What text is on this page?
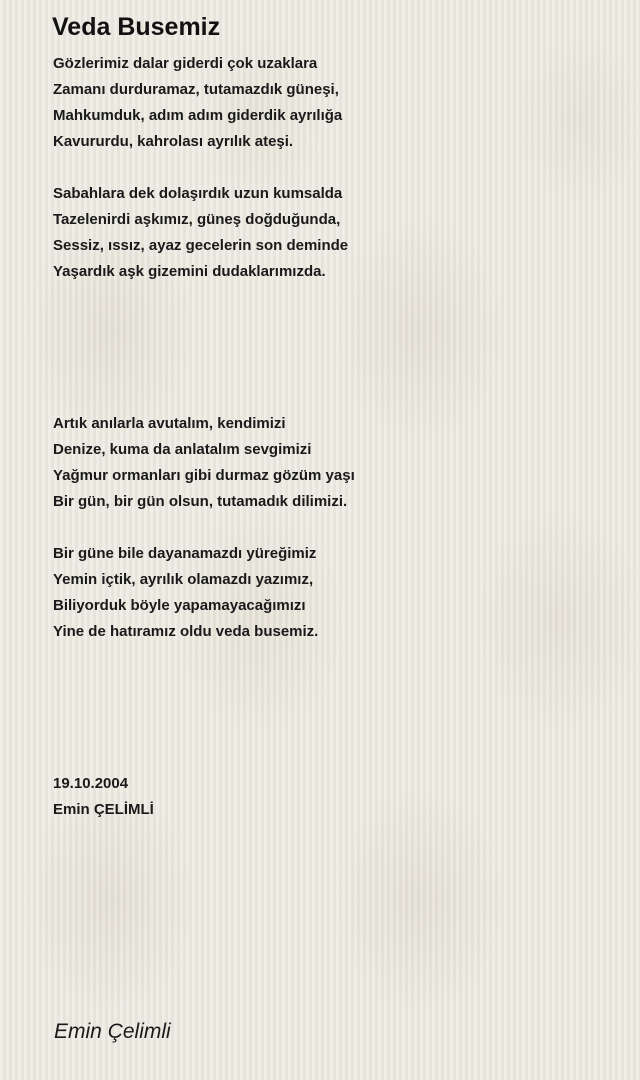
Veda Busemiz
Gözlerimiz dalar giderdi çok uzaklara
Zamanı durduramaz, tutamazdık güneşi,
Mahkumduk, adım adım giderdik ayrılığa
Kavururdu, kahrolası ayrılık ateşi.
Sabahlara dek dolaşırdık uzun kumsalda
Tazelenirdi aşkımız, güneş doğduğunda,
Sessiz, ıssız, ayaz gecelerin son deminde
Yaşardık aşk gizemini dudaklarımızda.
Artık anılarla avutalım, kendimizi
Denize, kuma da anlatalım sevgimizi
Yağmur ormanları gibi durmaz gözüm yaşı
Bir gün, bir gün olsun, tutamadık dilimizi.
Bir güne bile dayanamazdı yüreğimiz
Yemin içtik, ayrılık olamazdı yazımız,
Biliyorduk böyle yapamayacağımızı
Yine de hatıramız oldu veda busemiz.
19.10.2004
Emin ÇELİMLİ

Emin Çelimli
